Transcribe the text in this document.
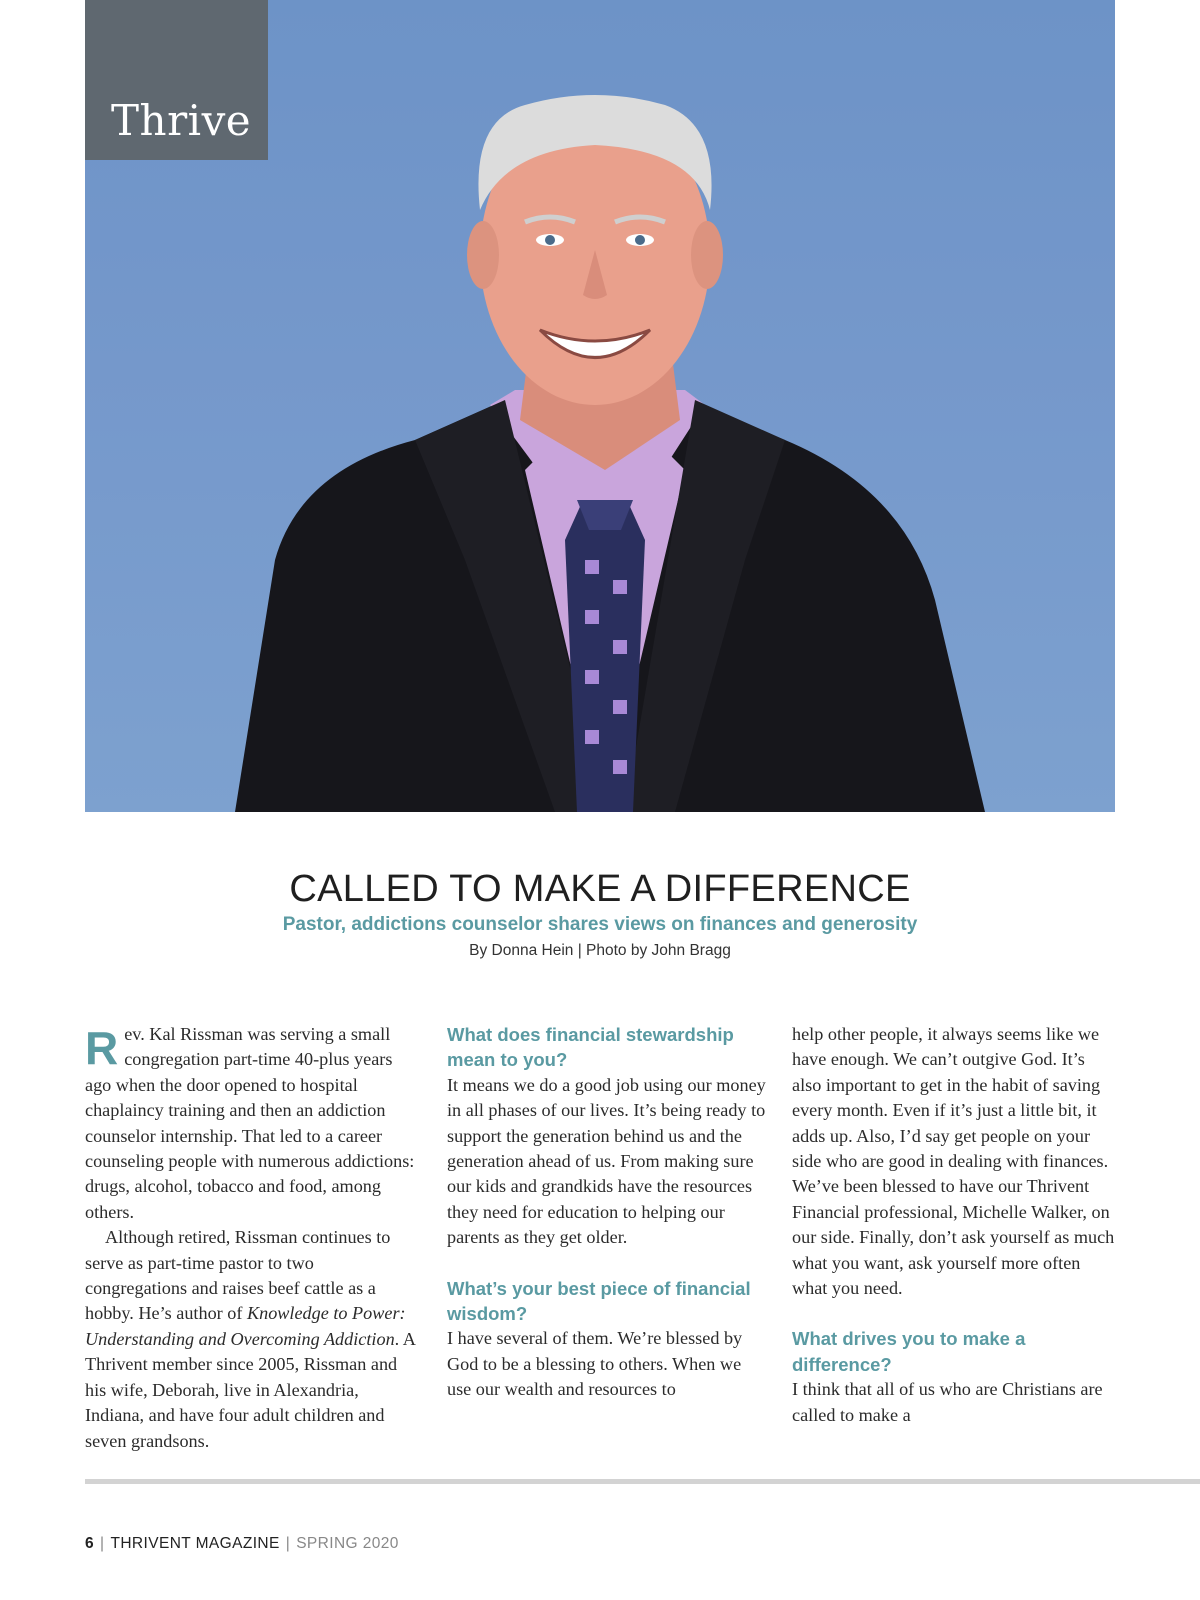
Thrive
CALLED TO MAKE A DIFFERENCE
Pastor, addictions counselor shares views on finances and generosity
By Donna Hein | Photo by John Bragg

Rev. Kal Rissman was serving a small congregation part-time 40-plus years ago when the door opened to hospital chaplaincy training and then an addiction counselor internship. That led to a career counseling people with numerous addictions: drugs, alcohol, tobacco and food, among others.

Although retired, Rissman continues to serve as part-time pastor to two congregations and raises beef cattle as a hobby. He’s author of Knowledge to Power: Understanding and Overcoming Addiction. A Thrivent member since 2005, Rissman and his wife, Deborah, live in Alexandria, Indiana, and have four adult children and seven grandsons.

What does financial stewardship mean to you?

It means we do a good job using our money in all phases of our lives. It’s being ready to support the generation behind us and the generation ahead of us. From making sure our kids and grandkids have the resources they need for education to helping our parents as they get older.

What’s your best piece of financial wisdom?

I have several of them. We’re blessed by God to be a blessing to others. When we use our wealth and resources to

help other people, it always seems like we have enough. We can’t outgive God. It’s also important to get in the habit of saving every month. Even if it’s just a little bit, it adds up. Also, I’d say get people on your side who are good in dealing with finances. We’ve been blessed to have our Thrivent Financial professional, Michelle Walker, on our side. Finally, don’t ask yourself as much what you want, ask yourself more often what you need.

What drives you to make a difference?

I think that all of us who are Christians are called to make a

6 | THRIVENT MAGAZINE | SPRING 2020
